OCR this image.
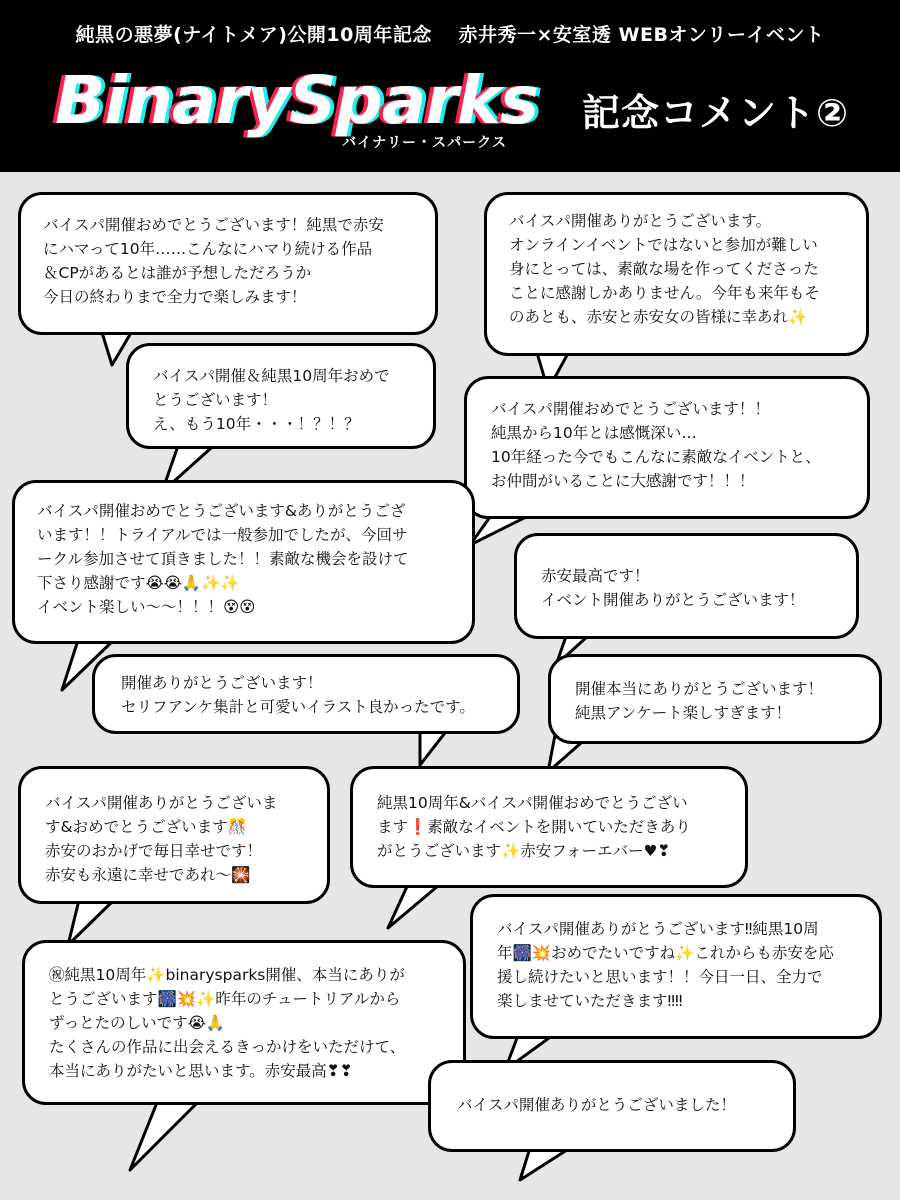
純黒の悪夢(ナイトメア)公開10周年記念　 赤井秀一×安室透 WEBオンリーイベント
BinarySparks
バイナリー・スパークス
記念コメント②

バイスパ開催おめでとうございます！純黒で赤安

にハマって10年……こんなにハマり続ける作品

＆CPがあるとは誰が予想しただろうか

今日の終わりまで全力で楽しみます！

バイスパ開催ありがとうございます。

オンラインイベントではないと参加が難しい

身にとっては、素敵な場を作ってくださった

ことに感謝しかありません。今年も来年もそ

のあとも、赤安と赤安女の皆様に幸あれ✨

バイスパ開催＆純黒10周年おめで

とうございます！

え、もう10年・・・！？！？

バイスパ開催おめでとうございます！！

純黒から10年とは感慨深い…

10年経った今でもこんなに素敵なイベントと、

お仲間がいることに大感謝です！！！

バイスパ開催おめでとうございます&ありがとうござ

います！！トライアルでは一般参加でしたが、今回サ

ークル参加させて頂きました！！素敵な機会を設けて

下さり感謝です😭😭🙏✨✨

イベント楽しい〜〜！！！😵😵

赤安最高です！

イベント開催ありがとうございます！

開催ありがとうございます！

セリフアンケ集計と可愛いイラスト良かったです。

開催本当にありがとうございます！

純黒アンケート楽しすぎます！

バイスパ開催ありがとうございま

す&おめでとうございます🎊

赤安のおかげで毎日幸せです！

赤安も永遠に幸せであれ〜🎇

純黒10周年&バイスパ開催おめでとうござい

ます❗素敵なイベントを開いていただきあり

がとうございます✨赤安フォーエバー♥❣

バイスパ開催ありがとうございます‼純黒10周

年🎆💥おめでたいですね✨これからも赤安を応

援し続けたいと思います！！今日一日、全力で

楽しませていただきます‼‼

㊗純黒10周年✨binarysparks開催、本当にありが

とうございます🎆💥✨昨年のチュートリアルから

ずっとたのしいです😭🙏

たくさんの作品に出会えるきっかけをいただけて、

本当にありがたいと思います。赤安最高❣❣

バイスパ開催ありがとうございました！
